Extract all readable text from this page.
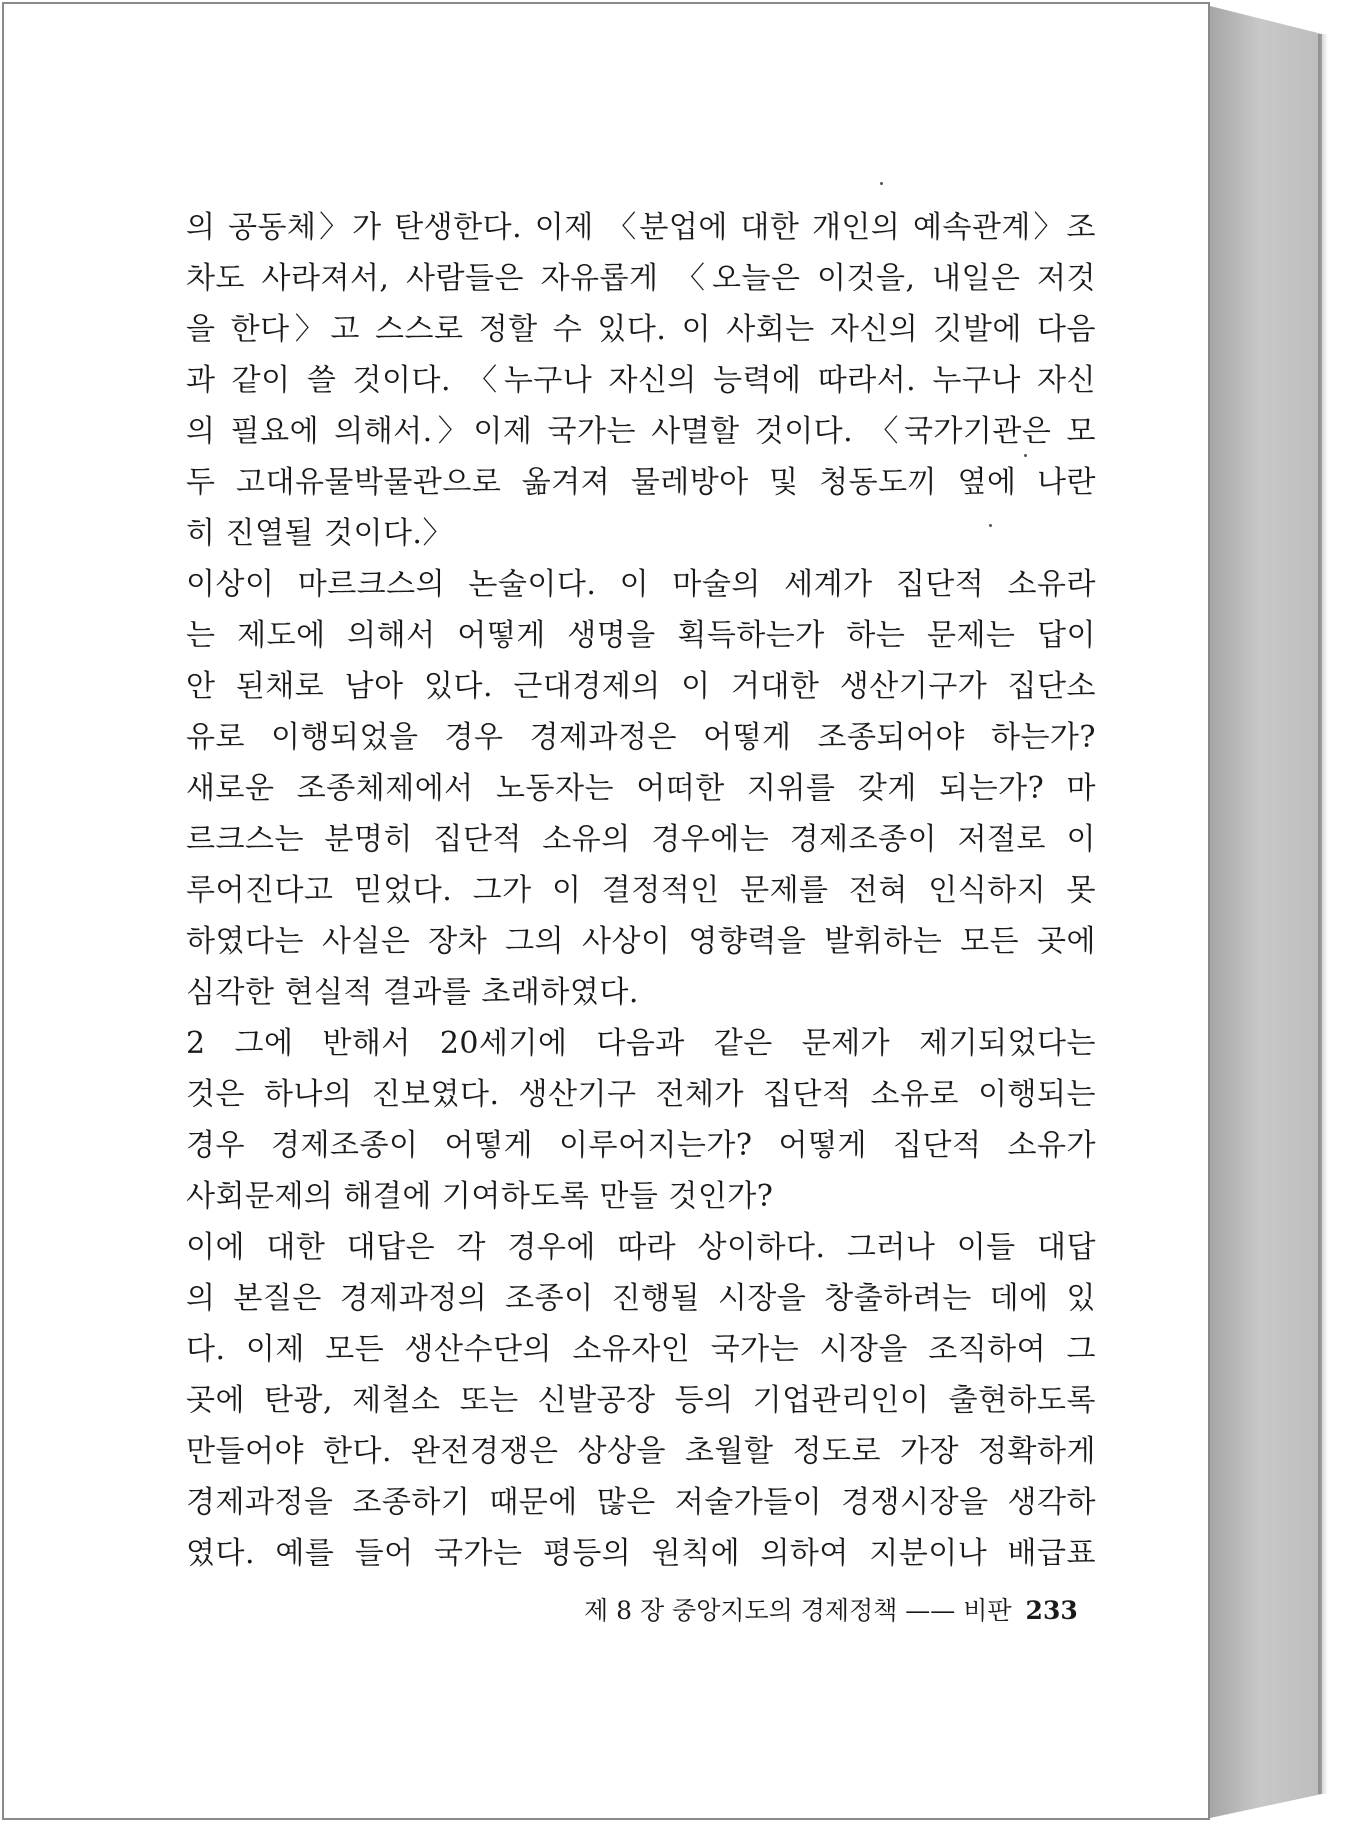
의 공동체〉가 탄생한다. 이제 〈분업에 대한 개인의 예속관계〉조
차도 사라져서, 사람들은 자유롭게 〈오늘은 이것을, 내일은 저것
을 한다〉고 스스로 정할 수 있다. 이 사회는 자신의 깃발에 다음
과 같이 쓸 것이다. 〈누구나 자신의 능력에 따라서. 누구나 자신
의 필요에 의해서.〉이제 국가는 사멸할 것이다. 〈국가기관은 모
두 고대유물박물관으로 옮겨져 물레방아 및 청동도끼 옆에 나란
히 진열될 것이다.〉
이상이 마르크스의 논술이다. 이 마술의 세계가 집단적 소유라
는 제도에 의해서 어떻게 생명을 획득하는가 하는 문제는 답이
안 된채로 남아 있다. 근대경제의 이 거대한 생산기구가 집단소
유로 이행되었을 경우 경제과정은 어떻게 조종되어야 하는가?
새로운 조종체제에서 노동자는 어떠한 지위를 갖게 되는가? 마
르크스는 분명히 집단적 소유의 경우에는 경제조종이 저절로 이
루어진다고 믿었다. 그가 이 결정적인 문제를 전혀 인식하지 못
하였다는 사실은 장차 그의 사상이 영향력을 발휘하는 모든 곳에
심각한 현실적 결과를 초래하였다.
2 그에 반해서 20세기에 다음과 같은 문제가 제기되었다는
것은 하나의 진보였다. 생산기구 전체가 집단적 소유로 이행되는
경우 경제조종이 어떻게 이루어지는가? 어떻게 집단적 소유가
사회문제의 해결에 기여하도록 만들 것인가?
이에 대한 대답은 각 경우에 따라 상이하다. 그러나 이들 대답
의 본질은 경제과정의 조종이 진행될 시장을 창출하려는 데에 있
다. 이제 모든 생산수단의 소유자인 국가는 시장을 조직하여 그
곳에 탄광, 제철소 또는 신발공장 등의 기업관리인이 출현하도록
만들어야 한다. 완전경쟁은 상상을 초월할 정도로 가장 정확하게
경제과정을 조종하기 때문에 많은 저술가들이 경쟁시장을 생각하
였다. 예를 들어 국가는 평등의 원칙에 의하여 지분이나 배급표
제 8 장 중앙지도의 경제정책 —— 비판 233
